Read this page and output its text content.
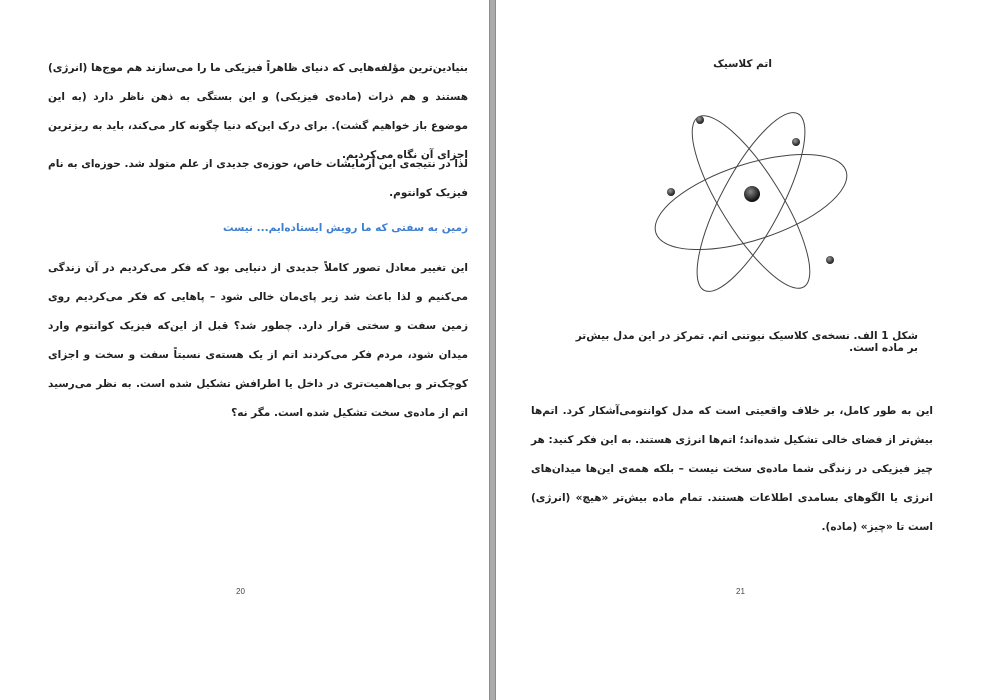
بنیادین‌ترین مؤلفه‌هایی که دنیای ظاهراً فیزیکی ما را می‌سازند هم موج‌ها (انرژی) هستند و هم ذرات (ماده‌ی فیزیکی) و این بستگی به ذهن ناظر دارد (به این موضوع باز خواهیم گشت). برای درک این‌که دنیا چگونه کار می‌کند، باید به ریزترین اجزای آن نگاه می‌کردیم.
لذا در نتیجه‌ی این آزمایشات خاص، حوزه‌ی جدیدی از علم متولد شد. حوزه‌ای به نام فیزیک کوانتوم.
زمین به سفتی که ما رویش ایستاده‌ایم... نیست
این تغییر معادل تصور کاملاً جدیدی از دنیایی بود که فکر می‌کردیم در آن زندگی می‌کنیم و لذا باعث شد زیر پای‌مان خالی شود – پاهایی که فکر می‌کردیم روی زمین سفت و سختی قرار دارد. چطور شد؟ قبل از این‌که فیزیک کوانتوم وارد میدان شود، مردم فکر می‌کردند اتم از یک هسته‌ی نسبتاً سفت و سخت و اجزای کوچک‌تر و بی‌اهمیت‌تری در داخل یا اطرافش تشکیل شده است. به نظر می‌رسید اتم از ماده‌ی سخت تشکیل شده است. مگر نه؟
20
اتم کلاسیک
شکل 1 الف. نسخه‌ی کلاسیک نیوتنی اتم. تمرکز در این مدل بیش‌تر بر ماده است.
این به طور کامل، بر خلاف واقعیتی است که مدل کوانتومی‌آشکار کرد. اتم‌ها بیش‌تر از فضای خالی تشکیل شده‌اند؛ اتم‌ها انرژی هستند. به این فکر کنید: هر چیز فیزیکی در زندگی شما ماده‌ی سخت نیست – بلکه همه‌ی این‌ها میدان‌های انرژی یا الگوهای بسامدی اطلاعات هستند. تمام ماده بیش‌تر «هیچ» (انرژی) است تا «چیز» (ماده).
21
